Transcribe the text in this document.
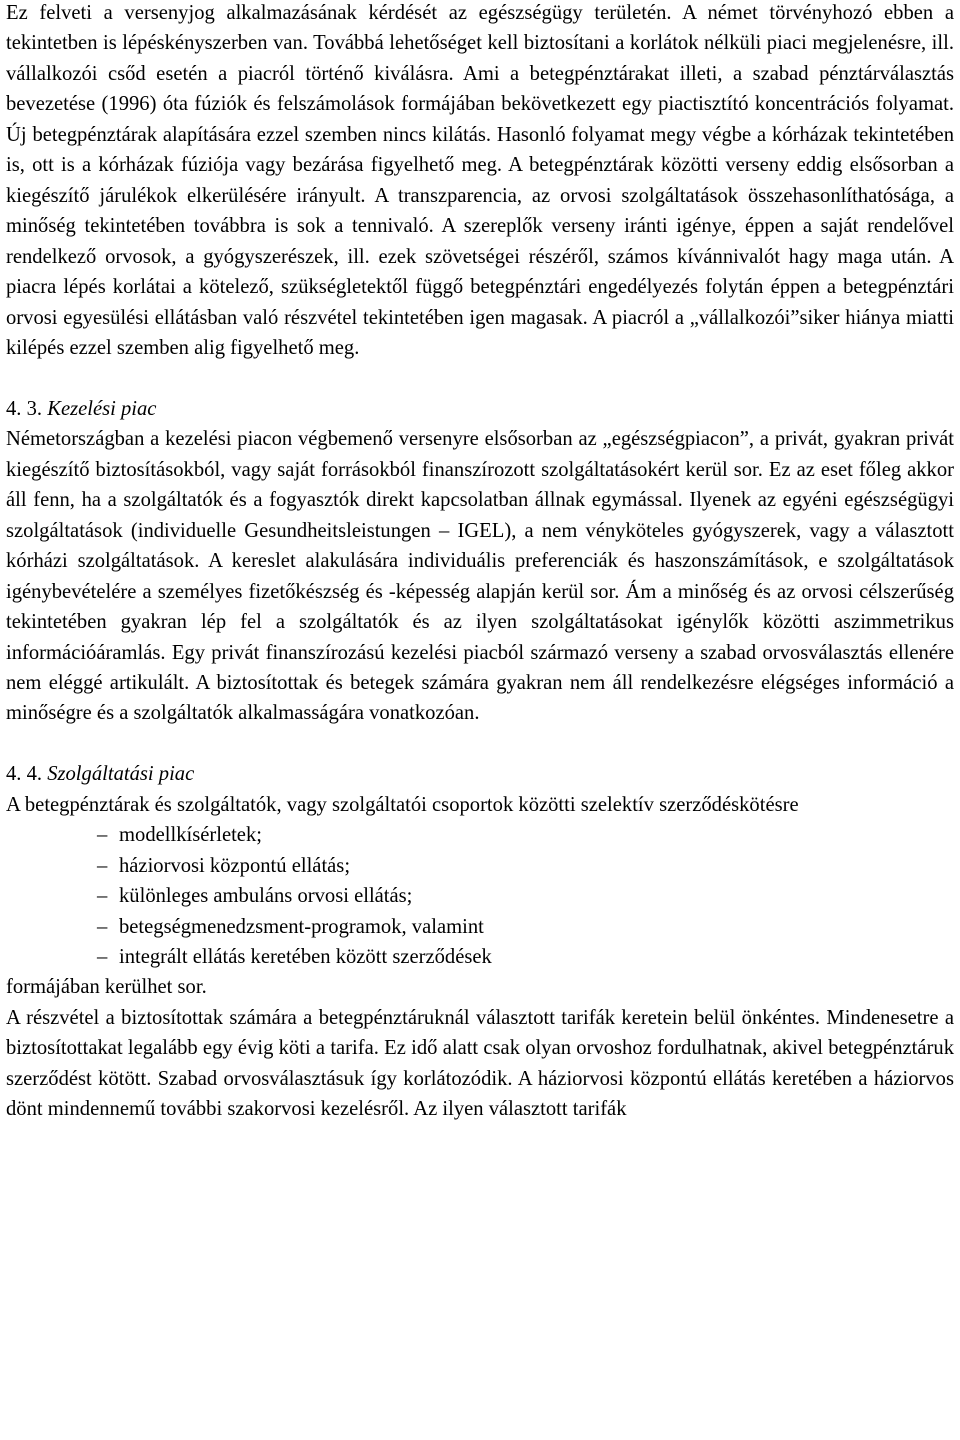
Ez felveti a versenyjog alkalmazásának kérdését az egészségügy területén. A német törvényhozó ebben a tekintetben is lépéskényszerben van. Továbbá lehetőséget kell biztosítani a korlátok nélküli piaci megjelenésre, ill. vállalkozói csőd esetén a piacról történő kiválásra. Ami a betegpénztárakat illeti, a szabad pénztárválasztás bevezetése (1996) óta fúziók és felszámolások formájában bekövetkezett egy piactisztító koncentrációs folyamat. Új betegpénztárak alapítására ezzel szemben nincs kilátás. Hasonló folyamat megy végbe a kórházak tekintetében is, ott is a kórházak fúziója vagy bezárása figyelhető meg. A betegpénztárak közötti verseny eddig elsősorban a kiegészítő járulékok elkerülésére irányult. A transzparencia, az orvosi szolgáltatások összehasonlíthatósága, a minőség tekintetében továbbra is sok a tennivaló. A szereplők verseny iránti igénye, éppen a saját rendelővel rendelkező orvosok, a gyógyszerészek, ill. ezek szövetségei részéről, számos kívánnivalót hagy maga után. A piacra lépés korlátai a kötelező, szükségletektől függő betegpénztári engedélyezés folytán éppen a betegpénztári orvosi egyesülési ellátásban való részvétel tekintetében igen magasak. A piacról a „vállalkozói”siker hiánya miatti kilépés ezzel szemben alig figyelhető meg.

4. 3. Kezelési piac

Németországban a kezelési piacon végbemenő versenyre elsősorban az „egészségpiacon”, a privát, gyakran privát kiegészítő biztosításokból, vagy saját forrásokból finanszírozott szolgáltatásokért kerül sor. Ez az eset főleg akkor áll fenn, ha a szolgáltatók és a fogyasztók direkt kapcsolatban állnak egymással. Ilyenek az egyéni egészségügyi szolgáltatások (individuelle Gesundheitsleistungen – IGEL), a nem vényköteles gyógyszerek, vagy a választott kórházi szolgáltatások. A kereslet alakulására individuális preferenciák és haszonszámítások, e szolgáltatások igénybevételére a személyes fizetőkészség és -képesség alapján kerül sor. Ám a minőség és az orvosi célszerűség tekintetében gyakran lép fel a szolgáltatók és az ilyen szolgáltatásokat igénylők közötti aszimmetrikus információáramlás. Egy privát finanszírozású kezelési piacból származó verseny a szabad orvosválasztás ellenére nem eléggé artikulált. A biztosítottak és betegek számára gyakran nem áll rendelkezésre elégséges információ a minőségre és a szolgáltatók alkalmasságára vonatkozóan.

4. 4. Szolgáltatási piac

A betegpénztárak és szolgáltatók, vagy szolgáltatói csoportok közötti szelektív szerződéskötésre

– modellkísérletek;
– háziorvosi központú ellátás;
– különleges ambuláns orvosi ellátás;
– betegségmenedzsment-programok, valamint
– integrált ellátás keretében között szerződések

formájában kerülhet sor.

A részvétel a biztosítottak számára a betegpénztáruknál választott tarifák keretein belül önkéntes. Mindenesetre a biztosítottakat legalább egy évig köti a tarifa. Ez idő alatt csak olyan orvoshoz fordulhatnak, akivel betegpénztáruk szerződést kötött. Szabad orvosválasztásuk így korlátozódik. A háziorvosi központú ellátás keretében a háziorvos dönt mindennemű további szakorvosi kezelésről. Az ilyen választott tarifák
